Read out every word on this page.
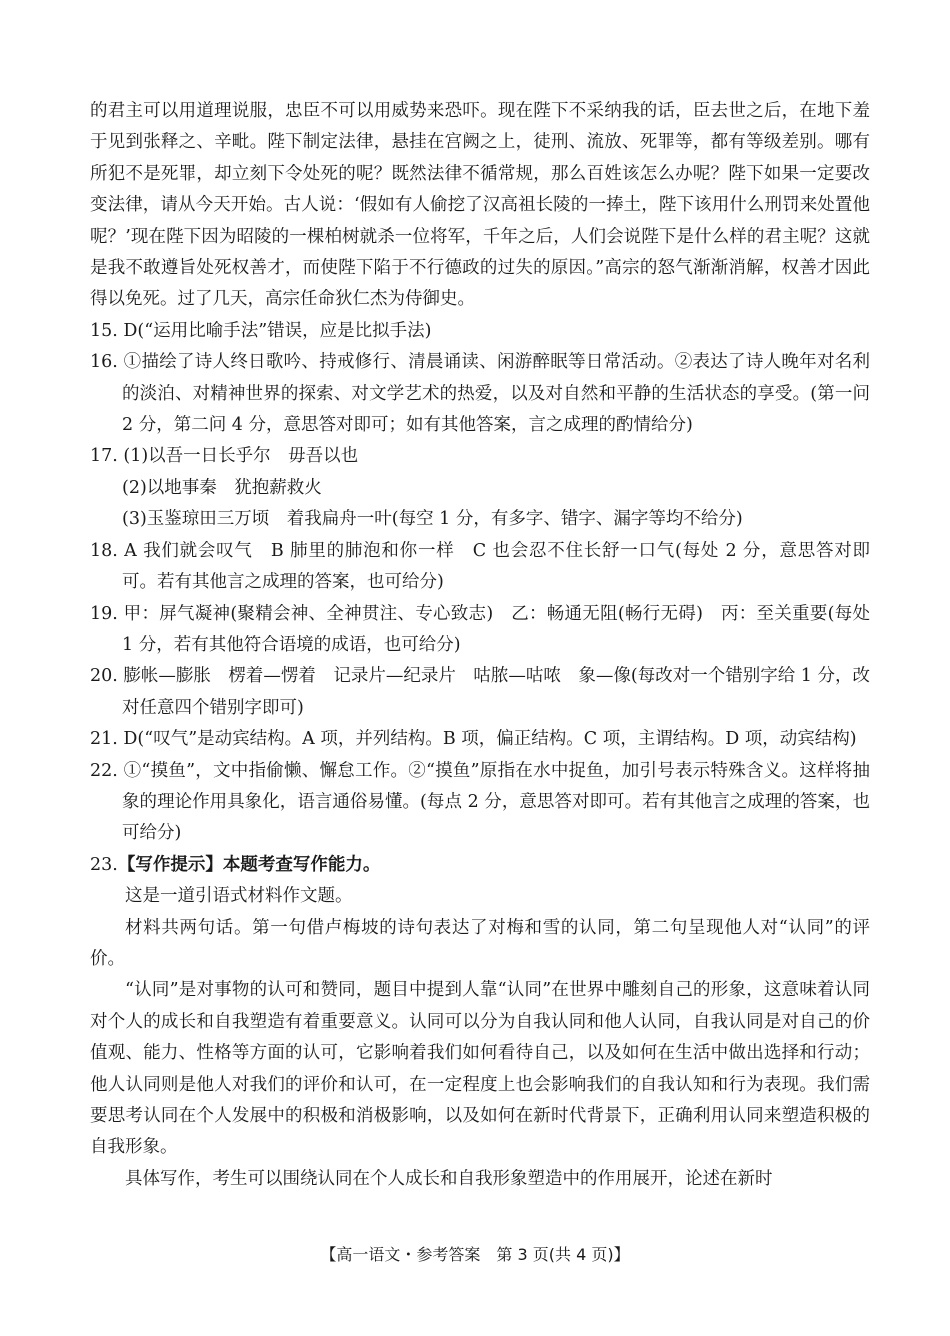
的君主可以用道理说服，忠臣不可以用威势来恐吓。现在陛下不采纳我的话，臣去世之后，在地下羞于见到张释之、辛毗。陛下制定法律，悬挂在宫阙之上，徒刑、流放、死罪等，都有等级差别。哪有所犯不是死罪，却立刻下令处死的呢？既然法律不循常规，那么百姓该怎么办呢？陛下如果一定要改变法律，请从今天开始。古人说：‘假如有人偷挖了汉高祖长陵的一捧土，陛下该用什么刑罚来处置他呢？’现在陛下因为昭陵的一棵柏树就杀一位将军，千年之后，人们会说陛下是什么样的君主呢？这就是我不敢遵旨处死权善才，而使陛下陷于不行德政的过失的原因。”高宗的怒气渐渐消解，权善才因此得以免死。过了几天，高宗任命狄仁杰为侍御史。

15. D(“运用比喻手法”错误，应是比拟手法)

16. ①描绘了诗人终日歌吟、持戒修行、清晨诵读、闲游醉眠等日常活动。②表达了诗人晚年对名利的淡泊、对精神世界的探索、对文学艺术的热爱，以及对自然和平静的生活状态的享受。(第一问 2 分，第二问 4 分，意思答对即可；如有其他答案，言之成理的酌情给分)

17. (1)以吾一日长乎尔　毋吾以也

(2)以地事秦　犹抱薪救火

(3)玉鉴琼田三万顷　着我扁舟一叶(每空 1 分，有多字、错字、漏字等均不给分)

18. A 我们就会叹气　B 肺里的肺泡和你一样　C 也会忍不住长舒一口气(每处 2 分，意思答对即可。若有其他言之成理的答案，也可给分)

19. 甲：屏气凝神(聚精会神、全神贯注、专心致志)　乙：畅通无阻(畅行无碍)　丙：至关重要(每处 1 分，若有其他符合语境的成语，也可给分)

20. 膨帐—膨胀　楞着—愣着　记录片—纪录片　咕脓—咕哝　象—像(每改对一个错别字给 1 分，改对任意四个错别字即可)

21. D(“叹气”是动宾结构。A 项，并列结构。B 项，偏正结构。C 项，主谓结构。D 项，动宾结构)

22. ①“摸鱼”，文中指偷懒、懈怠工作。②“摸鱼”原指在水中捉鱼，加引号表示特殊含义。这样将抽象的理论作用具象化，语言通俗易懂。(每点 2 分，意思答对即可。若有其他言之成理的答案，也可给分)

23.【写作提示】本题考查写作能力。

这是一道引语式材料作文题。

材料共两句话。第一句借卢梅坡的诗句表达了对梅和雪的认同，第二句呈现他人对“认同”的评价。

“认同”是对事物的认可和赞同，题目中提到人靠“认同”在世界中雕刻自己的形象，这意味着认同对个人的成长和自我塑造有着重要意义。认同可以分为自我认同和他人认同，自我认同是对自己的价值观、能力、性格等方面的认可，它影响着我们如何看待自己，以及如何在生活中做出选择和行动；他人认同则是他人对我们的评价和认可，在一定程度上也会影响我们的自我认知和行为表现。我们需要思考认同在个人发展中的积极和消极影响，以及如何在新时代背景下，正确利用认同来塑造积极的自我形象。

具体写作，考生可以围绕认同在个人成长和自我形象塑造中的作用展开，论述在新时

【高一语文・参考答案　第 3 页(共 4 页)】
